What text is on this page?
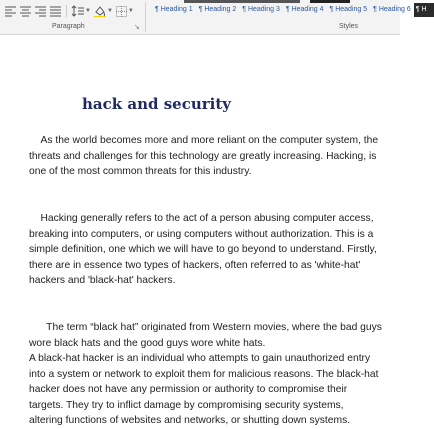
▼	▼	▼
Paragraph	↘
¶ Heading 1 ¶ Heading 2 ¶ Heading 3 ¶ Heading 4 ¶ Heading 5 ¶ Heading 6 ¶ H
Styles
hack and security

As the world becomes more and more reliant on the computer system, the
threats and challenges for this technology are greatly increasing. Hacking, is
one of the most common threats for this industry.

Hacking generally refers to the act of a person abusing computer access,
breaking into computers, or using computers without authorization. This is a
simple definition, one which we will have to go beyond to understand. Firstly,
there are in essence two types of hackers, often referred to as 'white-hat'
hackers and 'black-hat' hackers.

The term “black hat” originated from Western movies, where the bad guys
wore black hats and the good guys wore white hats.
A black-hat hacker is an individual who attempts to gain unauthorized entry
into a system or network to exploit them for malicious reasons. The black-hat
hacker does not have any permission or authority to compromise their
targets. They try to inflict damage by compromising security systems,
altering functions of websites and networks, or shutting down systems.
